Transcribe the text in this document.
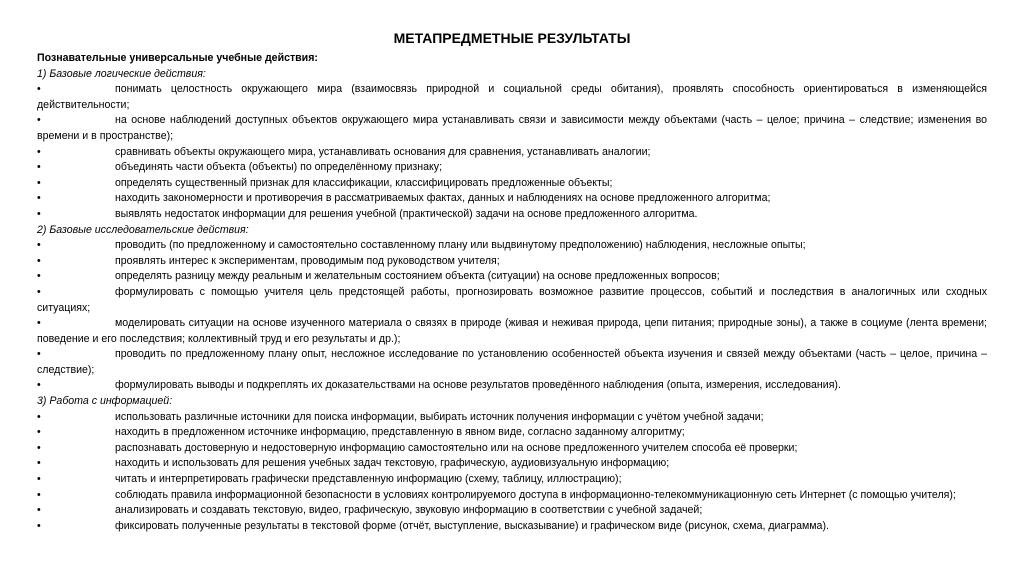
МЕТАПРЕДМЕТНЫЕ РЕЗУЛЬТАТЫ
Познавательные универсальные учебные действия:
1) Базовые логические действия:
•	понимать целостность окружающего мира (взаимосвязь природной и социальной среды обитания), проявлять способность ориентироваться в изменяющейся действительности;
•	на основе наблюдений доступных объектов окружающего мира устанавливать связи и зависимости между объектами (часть – целое; причина – следствие; изменения во времени и в пространстве);
•	сравнивать объекты окружающего мира, устанавливать основания для сравнения, устанавливать аналогии;
•	объединять части объекта (объекты) по определённому признаку;
•	определять существенный признак для классификации, классифицировать предложенные объекты;
•	находить закономерности и противоречия в рассматриваемых фактах, данных и наблюдениях на основе предложенного алгоритма;
•	выявлять недостаток информации для решения учебной (практической) задачи на основе предложенного алгоритма.
2) Базовые исследовательские действия:
•	проводить (по предложенному и самостоятельно составленному плану или выдвинутому предположению) наблюдения, несложные опыты;
•	проявлять интерес к экспериментам, проводимым под руководством учителя;
•	определять разницу между реальным и желательным состоянием объекта (ситуации) на основе предложенных вопросов;
•	формулировать с помощью учителя цель предстоящей работы, прогнозировать возможное развитие процессов, событий и последствия в аналогичных или сходных ситуациях;
•	моделировать ситуации на основе изученного материала о связях в природе (живая и неживая природа, цепи питания; природные зоны), а также в социуме (лента времени; поведение и его последствия; коллективный труд и его результаты и др.);
•	проводить по предложенному плану опыт, несложное исследование по установлению особенностей объекта изучения и связей между объектами (часть – целое, причина – следствие);
•	формулировать выводы и подкреплять их доказательствами на основе результатов проведённого наблюдения (опыта, измерения, исследования).
3) Работа с информацией:
•	использовать различные источники для поиска информации, выбирать источник получения информации с учётом учебной задачи;
•	находить в предложенном источнике информацию, представленную в явном виде, согласно заданному алгоритму;
•	распознавать достоверную и недостоверную информацию самостоятельно или на основе предложенного учителем способа её проверки;
•	находить и использовать для решения учебных задач текстовую, графическую, аудиовизуальную информацию;
•	читать и интерпретировать графически представленную информацию (схему, таблицу, иллюстрацию);
•	соблюдать правила информационной безопасности в условиях контролируемого доступа в информационно-телекоммуникационную сеть Интернет (с помощью учителя);
•	анализировать и создавать текстовую, видео, графическую, звуковую информацию в соответствии с учебной задачей;
•	фиксировать полученные результаты в текстовой форме (отчёт, выступление, высказывание) и графическом виде (рисунок, схема, диаграмма).
